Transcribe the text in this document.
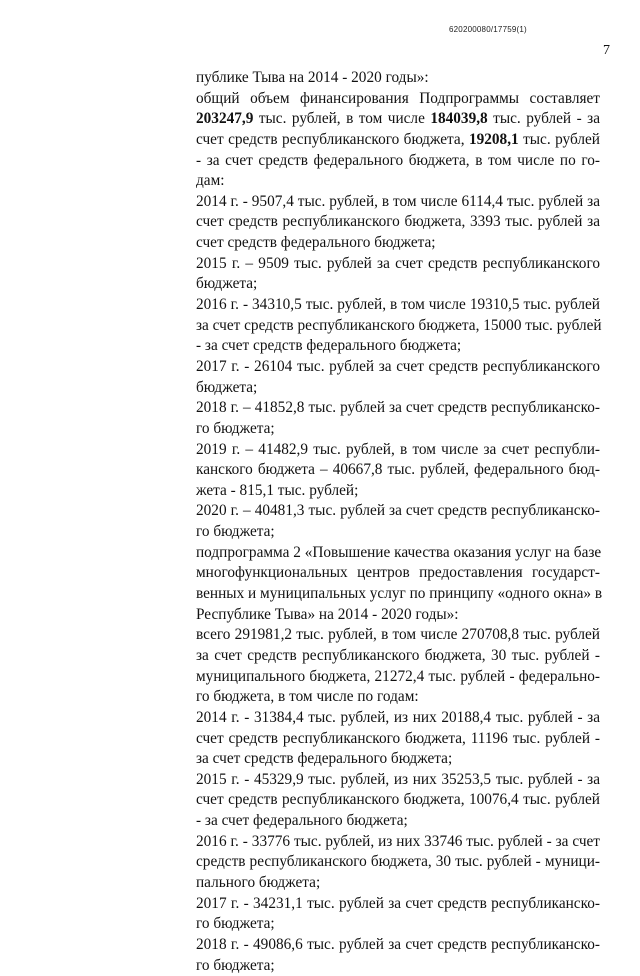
620200080/17759(1)
7
публике Тыва на 2014 - 2020 годы»:
общий объем финансирования Подпрограммы составляет
203247,9 тыс. рублей, в том числе 184039,8 тыс. рублей - за
счет средств республиканского бюджета, 19208,1 тыс. рублей
- за счет средств федерального бюджета, в том числе по го-
дам:
2014 г. - 9507,4 тыс. рублей, в том числе 6114,4 тыс. рублей за
счет средств республиканского бюджета, 3393 тыс. рублей за
счет средств федерального бюджета;
2015 г. – 9509 тыс. рублей за счет средств республиканского
бюджета;
2016 г. - 34310,5 тыс. рублей, в том числе 19310,5 тыс. рублей
за счет средств республиканского бюджета, 15000 тыс. рублей
- за счет средств федерального бюджета;
2017 г. - 26104 тыс. рублей за счет средств республиканского
бюджета;
2018 г. – 41852,8 тыс. рублей за счет средств республиканско-
го бюджета;
2019 г. – 41482,9 тыс. рублей, в том числе за счет республи-
канского бюджета – 40667,8 тыс. рублей, федерального бюд-
жета - 815,1 тыс. рублей;
2020 г. – 40481,3 тыс. рублей за счет средств республиканско-
го бюджета;
подпрограмма 2 «Повышение качества оказания услуг на базе
многофункциональных центров предоставления государст-
венных и муниципальных услуг по принципу «одного окна» в
Республике Тыва» на 2014 - 2020 годы»:
всего 291981,2 тыс. рублей, в том числе 270708,8 тыс. рублей
за счет средств республиканского бюджета, 30 тыс. рублей -
муниципального бюджета, 21272,4 тыс. рублей - федерально-
го бюджета, в том числе по годам:
2014 г. - 31384,4 тыс. рублей, из них 20188,4 тыс. рублей - за
счет средств республиканского бюджета, 11196 тыс. рублей -
за счет средств федерального бюджета;
2015 г. - 45329,9 тыс. рублей, из них 35253,5 тыс. рублей - за
счет средств республиканского бюджета, 10076,4 тыс. рублей
- за счет федерального бюджета;
2016 г. - 33776 тыс. рублей, из них 33746 тыс. рублей - за счет
средств республиканского бюджета, 30 тыс. рублей - муници-
пального бюджета;
2017 г. - 34231,1 тыс. рублей за счет средств республиканско-
го бюджета;
2018 г. - 49086,6 тыс. рублей за счет средств республиканско-
го бюджета;
